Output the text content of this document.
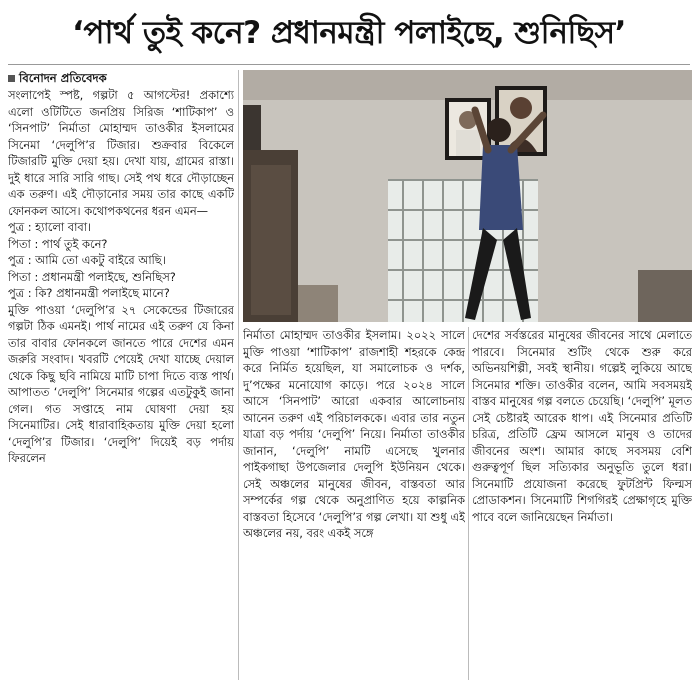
‘পার্থ তুই কনে? প্রধানমন্ত্রী পলাইছে, শুনিছিস’
বিনোদন প্রতিবেদক

সংলাপেই স্পষ্ট, গল্পটা ৫ আগস্টের! প্রকাশ্যে এলো ওটিটিতে জনপ্রিয় সিরিজ ‘শাটিকাপ’ ও ‘সিনপাট’ নির্মাতা মোহাম্মদ তাওকীর ইসলামের সিনেমা ‘দেলুপি’র টিজার। শুক্রবার বিকেলে টিজারটি মুক্তি দেয়া হয়। দেখা যায়, গ্রামের রাস্তা। দুই ধারে সারি সারি গাছ। সেই পথ ধরে দৌড়াচ্ছেন এক তরুণ। এই দৌড়ানোর সময় তার কাছে একটি ফোনকল আসে। কথোপকথনের ধরন এমন—

পুত্র : হ্যালো বাবা।

পিতা : পার্থ তুই কনে?

পুত্র : আমি তো একটু বাইরে আছি।

পিতা : প্রধানমন্ত্রী পলাইছে, শুনিছিস?

পুত্র : কি? প্রধানমন্ত্রী পলাইছে মানে?

মুক্তি পাওয়া ‘দেলুপি’র ২৭ সেকেন্ডের টিজারের গল্পটা ঠিক এমনই। পার্থ নামের এই তরুণ যে কিনা তার বাবার ফোনকলে জানতে পারে দেশের এমন জরুরি সংবাদ। খবরটি পেয়েই দেখা যাচ্ছে দেয়াল থেকে কিছু ছবি নামিয়ে মাটি চাপা দিতে ব্যস্ত পার্থ। আপাতত ‘দেলুপি’ সিনেমার গল্পের এতটুকুই জানা গেল। গত সপ্তাহে নাম ঘোষণা দেয়া হয় সিনেমাটির। সেই ধারাবাহিকতায় মুক্তি দেয়া হলো ‘দেলুপি’র টিজার। ‘দেলুপি’ দিয়েই বড় পর্দায় ফিরলেন

নির্মাতা মোহাম্মদ তাওকীর ইসলাম। ২০২২ সালে মুক্তি পাওয়া ‘শাটিকাপ’ রাজশাহী শহরকে কেন্দ্র করে নির্মিত হয়েছিল, যা সমালোচক ও দর্শক, দু’পক্ষের মনোযোগ কাড়ে। পরে ২০২৪ সালে আসে ‘সিনপাট’ আরো একবার আলোচনায় আনেন তরুণ এই পরিচালককে। এবার তার নতুন যাত্রা বড় পর্দায় ‘দেলুপি’ নিয়ে। নির্মাতা তাওকীর জানান, ‘দেলুপি’ নামটি এসেছে খুলনার পাইকগাছা উপজেলার দেলুপি ইউনিয়ন থেকে। সেই অঞ্চলের মানুষের জীবন, বাস্তবতা আর সম্পর্কের গল্প থেকে অনুপ্রাণিত হয়ে কাল্পনিক বাস্তবতা হিসেবে ‘দেলুপি’র গল্প লেখা। যা শুধু এই অঞ্চলের নয়, বরং একই সঙ্গে

দেশের সর্বস্তরের মানুষের জীবনের সাথে মেলাতে পারবে। সিনেমার শুটিং থেকে শুরু করে অভিনয়শিল্পী, সবই স্থানীয়। গল্পেই লুকিয়ে আছে সিনেমার শক্তি। তাওকীর বলেন, আমি সবসময়ই বাস্তব মানুষের গল্প বলতে চেয়েছি। ‘দেলুপি’ মূলত সেই চেষ্টারই আরেক ধাপ। এই সিনেমার প্রতিটি চরিত্র, প্রতিটি ফ্রেম আসলে মানুষ ও তাদের জীবনের অংশ। আমার কাছে সবসময় বেশি গুরুত্বপূর্ণ ছিল সত্যিকার অনুভূতি তুলে ধরা। সিনেমাটি প্রযোজনা করেছে ফুটপ্রিন্ট ফিল্মস প্রোডাকশন। সিনেমাটি শিগগিরই প্রেক্ষাগৃহে মুক্তি পাবে বলে জানিয়েছেন নির্মাতা।
